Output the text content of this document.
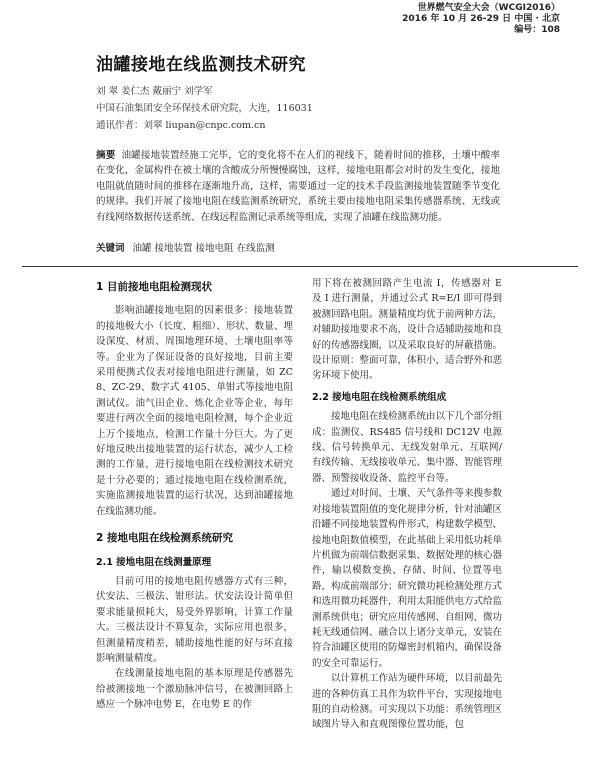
世界燃气安全大会（WCGI2016）
2016 年 10 月 26-29 日 中国 · 北京
编号：108
油罐接地在线监测技术研究
刘 翠 姜仁杰 戴丽宁 刘学军
中国石油集团安全环保技术研究院，大连，116031
通讯作者：刘翠 liupan@cnpc.com.cn
摘要 油罐接地装置经施工完毕，它的变化将不在人们的视线下，随着时间的推移，土壤中酸率在变化，金属构件在被土壤的含酸成分所慢慢腐蚀，这样，接地电阻都会对时的发生变化，接地电阻就值随时间的推移在逐渐地升高，这样，需要通过一定的技术手段监测接地装置随季节变化的规律。我们开展了接地电阻在线监测系统研究，系统主要由接地电阻采集传感器系统、无线或有线网络数据传送系统、在线远程监测记录系统等组成，实现了油罐在线监测功能。
关键词 油罐 接地装置 接地电阻 在线监测
1 目前接地电阻检测现状

影响油罐接地电阻的因素很多：接地装置的接地极大小（长度、粗细）、形状、数量、埋设深度、材质、周围地理环境、土壤电阻率等等。企业为了保证设备的良好接地，目前主要采用便携式仪表对接地电阻进行测量，如 ZC 8、ZC-29、数字式 4105、单钳式等接地电阻测试仪。油气田企业、炼化企业等企业，每年要进行两次全面的接地电阻检测，每个企业近上万个接地点，检测工作量十分巨大。为了更好地反映出接地装置的运行状态，减少人工检测的工作量，进行接地电阻在线检测技术研究是十分必要的；通过接地电阻在线检测系统，实施监测接地装置的运行状况，达到油罐接地在线监测功能。

2 接地电阻在线检测系统研究
2.1 接地电阻在线测量原理

目前可用的接地电阻传感器方式有三种，伏安法、三极法、钳形法。伏安法设计简单但要求能量损耗大，易受外界影响，计算工作量大。三极法设计不算复杂，实际应用也很多，但测量精度稍差，辅助接地性能的好与坏直接影响测量精度。

在线测量接地电阻的基本原理是传感器先给被测接地一个激励脉冲信号，在被测回路上感应一个脉冲电势 E，在电势 E 的作

用下将在被测回路产生电流 I，传感器对 E 及 I 进行测量，并通过公式 R=E/I 即可得到被测回路电阻。测量精度均优于前两种方法，对辅助接地要求不高，设计合适辅助接地和良好的传感器线圈，以及采取良好的屏蔽措施。设计原则：整面可靠，体积小，适合野外和恶劣环境下使用。

2.2 接地电阻在线检测系统组成

接地电阻在线检测系统由以下几个部分组成：监测仪、RS485 信号线和 DC12V 电源线、信号转换单元、无线发射单元、互联网/有线传输、无线接收单元、集中器、智能管理器、预警接收设备、监控平台等。

通过对时间、土壤、天气条件等来搜参数对接地装置阻值的变化规律分析，针对油罐区沿罐不同接地装置构件形式，构建数学模型、接地电阻数值模型，在此基础上采用低功耗单片机做为前端信数据采集、数据处理的核心器件，输以模数变换、存储、时间、位置等电路，构成前端部分；研究微功耗检测处理方式和选用微功耗器件，利用太阳能供电方式给监测系统供电；研究应用传感网、自组网、微功耗无线通信网、融合以上诸分支单元，安装在符合油罐区使用的防爆密封机箱内，确保设备的安全可靠运行。

以计算机工作站为硬件环境，以目前最先进的各种仿真工具作为软件平台，实现接地电阻的自动检测。可实现以下功能：系统管理区域图片导入和直观图像位置功能，包
